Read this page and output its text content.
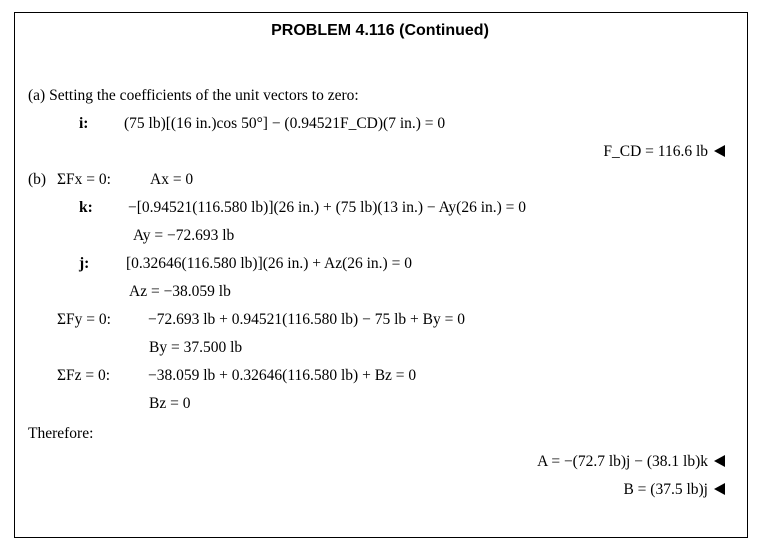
PROBLEM 4.116 (Continued)
(a) Setting the coefficients of the unit vectors to zero:
i: (75 lb)[(16 in.)cos 50°] − (0.94521F_CD)(7 in.) = 0
F_CD = 116.6 lb
(b) ΣFx = 0:	Ax = 0
k: −[0.94521(116.580 lb)](26 in.) + (75 lb)(13 in.) − Ay(26 in.) = 0
Ay = −72.693 lb
j: [0.32646(116.580 lb)](26 in.) + Az(26 in.) = 0
Az = −38.059 lb
ΣFy = 0: −72.693 lb + 0.94521(116.580 lb) − 75 lb + By = 0
By = 37.500 lb
ΣFz = 0: −38.059 lb + 0.32646(116.580 lb) + Bz = 0
Bz = 0
Therefore:
A = −(72.7 lb)j − (38.1 lb)k
B = (37.5 lb)j
